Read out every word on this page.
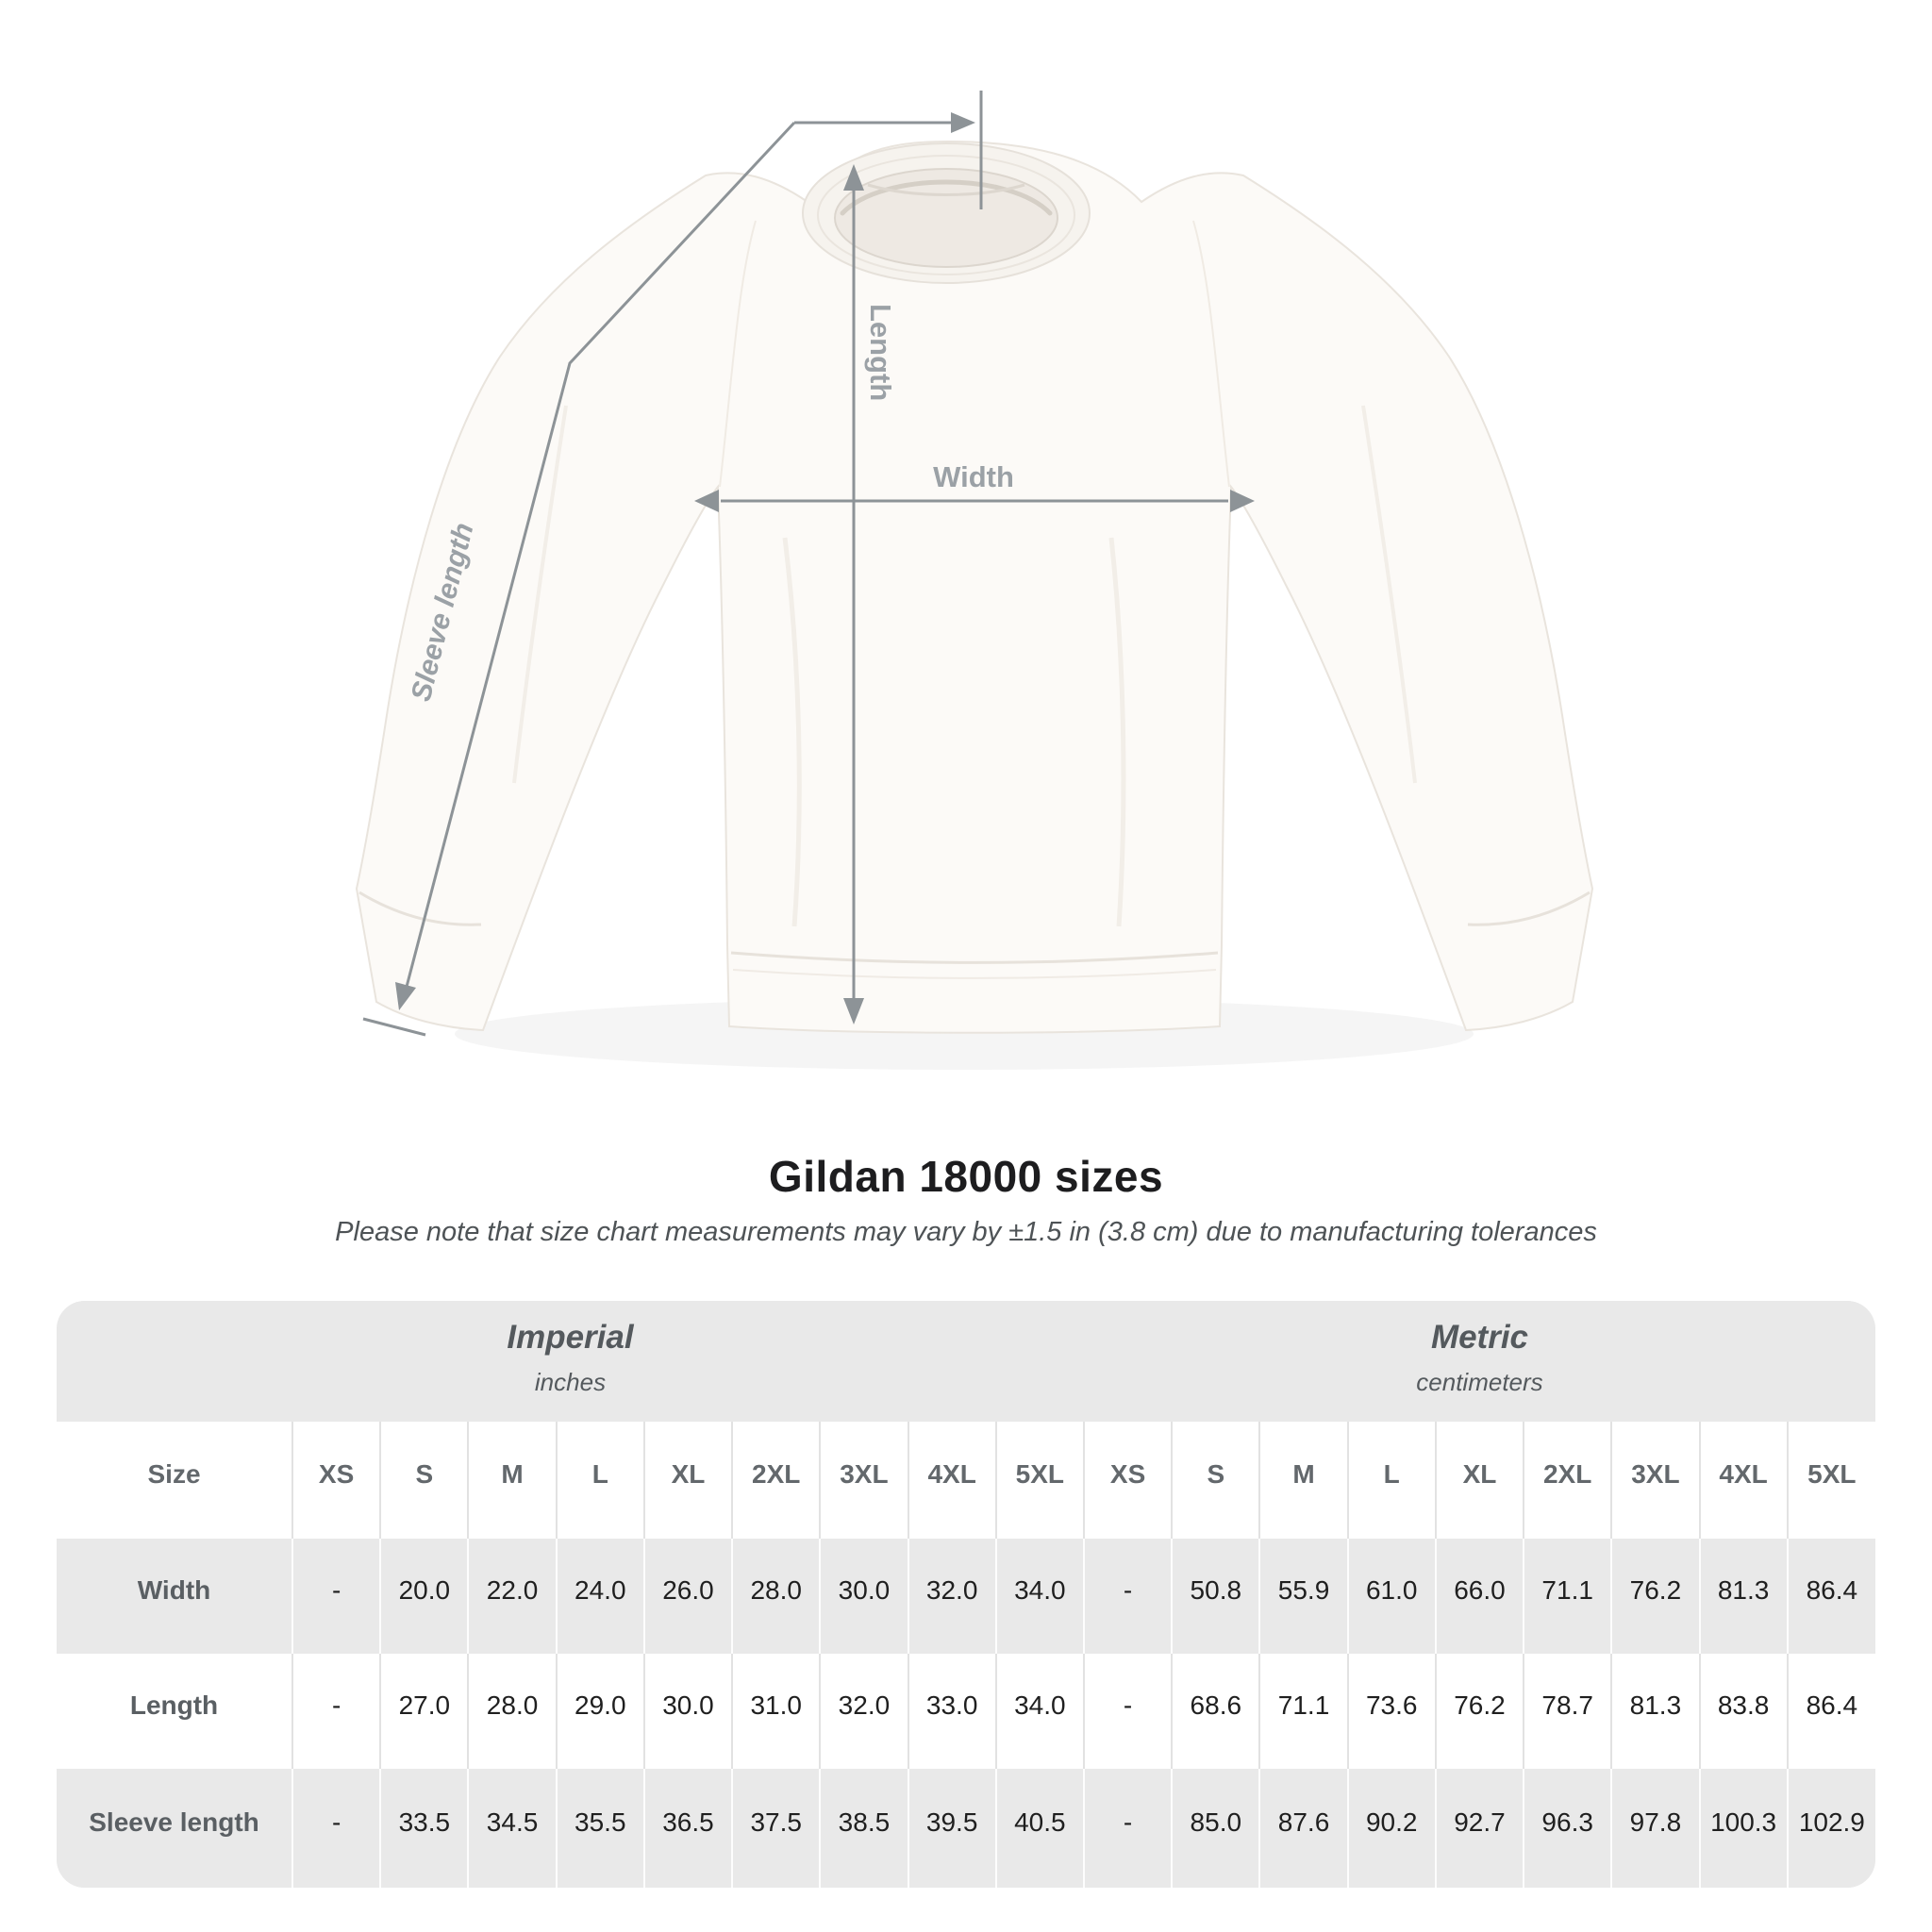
Width
Length
Sleeve length
Gildan 18000 sizes
Please note that size chart measurements may vary by ±1.5 in (3.8 cm) due to manufacturing tolerances
Imperial
inches

Metric
centimeters

Size	XS	S	M	L	XL	2XL	3XL	4XL	5XL	XS	S	M	L	XL	2XL	3XL	4XL	5XL
Width	-	20.0	22.0	24.0	26.0	28.0	30.0	32.0	34.0	-	50.8	55.9	61.0	66.0	71.1	76.2	81.3	86.4
Length	-	27.0	28.0	29.0	30.0	31.0	32.0	33.0	34.0	-	68.6	71.1	73.6	76.2	78.7	81.3	83.8	86.4
Sleeve length	-	33.5	34.5	35.5	36.5	37.5	38.5	39.5	40.5	-	85.0	87.6	90.2	92.7	96.3	97.8	100.3	102.9
